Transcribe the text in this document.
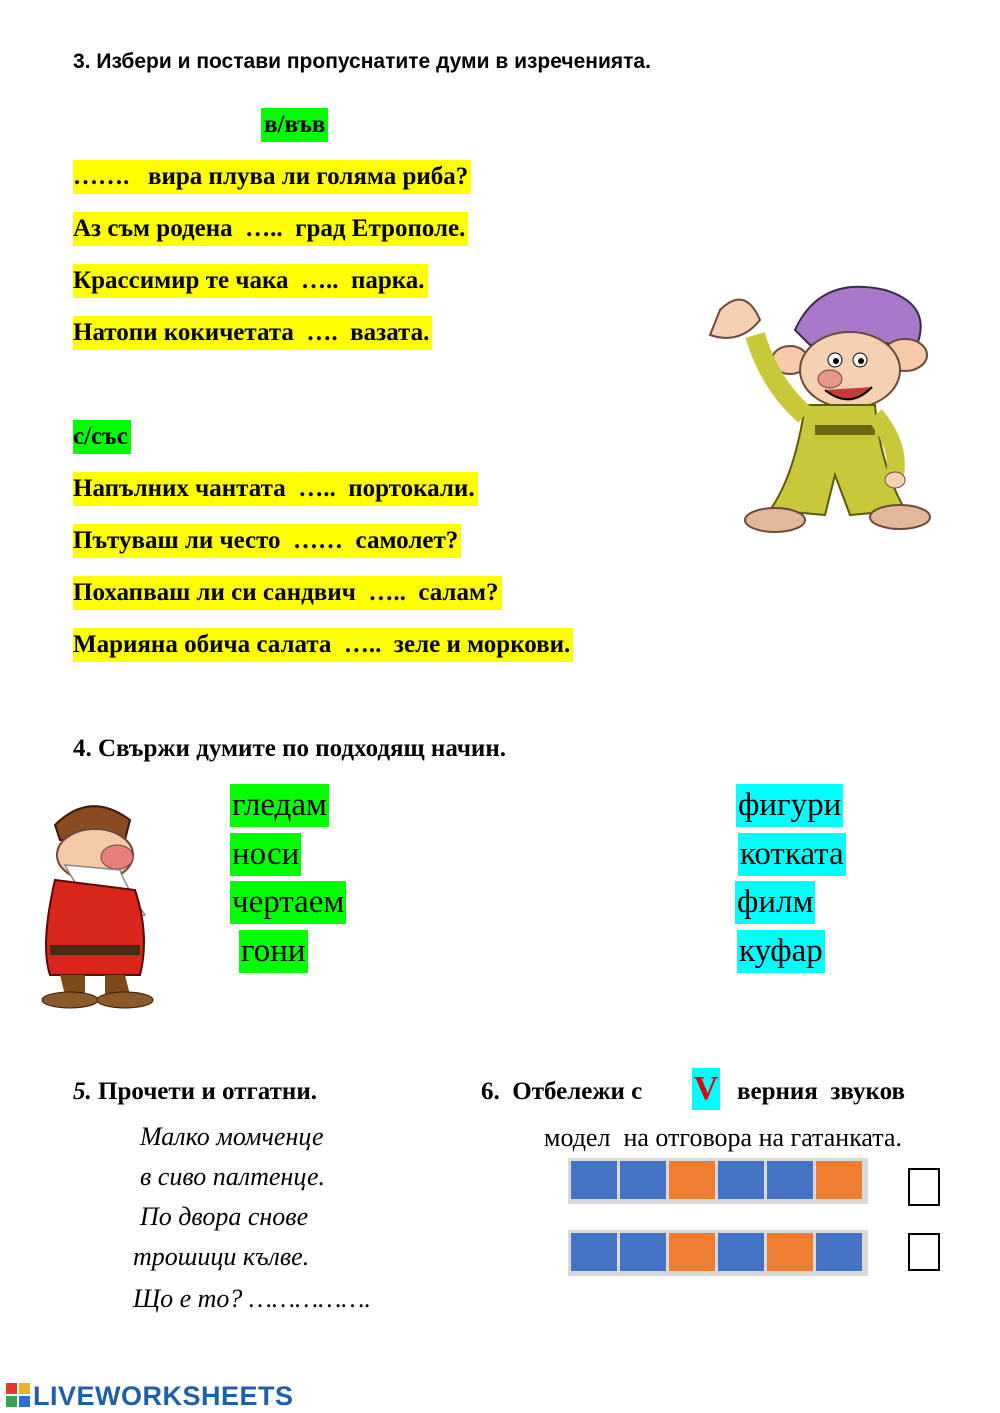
3. Избери и постави пропуснатите думи в изреченията.
в/във
…….   вира плува ли голяма риба?
Аз съм родена  …..  град Етрополе.
Крассимир те чака  …..  парка.
Натопи кокичетата  ….  вазата.
с/със
Напълних чантата  …..  портокали.
Пътуваш ли често  ……  самолет?
Похапваш ли си сандвич  …..  салам?
Марияна обича салата  …..  зеле и моркови.
4. Свържи думите по подходящ начин.
гледам
носи
чертаем
гони
фигури
котката
филм
куфар
5. Прочети и отгатни.
Малко момченце
в сиво палтенце.
По двора снове
трошици кълве.
Що е то? …………….
6.  Отбележи с V верния  звуков
модел  на отговора на гатанката.
LIVEWORKSHEETS
